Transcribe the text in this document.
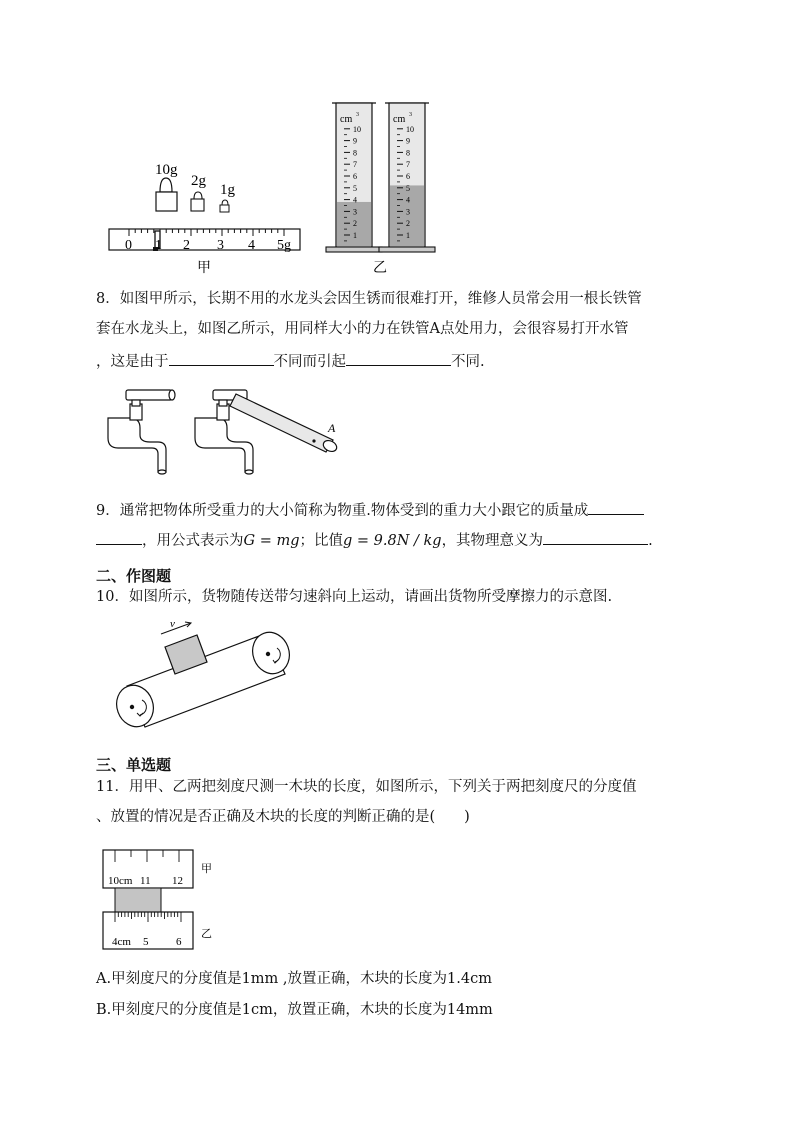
10g
2g
1g
0 1 2 3 4 5g
甲
cm 3
10
9
8
7
6
5
4
3
2
1
cm 3
10
9
8
7
6
5
4
3
2
1
乙
8．如图甲所示，长期不用的水龙头会因生锈而很难打开，维修人员常会用一根长铁管
套在水龙头上，如图乙所示，用同样大小的力在铁管A点处用力，会很容易打开水管
，这是由于	不同而引起	不同.
A
9．通常把物体所受重力的大小简称为物重.物体受到的重力大小跟它的质量成
，用公式表示为G = mg；比值g = 9.8N / kg，其物理意义为	.
二、作图题
10．如图所示，货物随传送带匀速斜向上运动，请画出货物所受摩擦力的示意图.
v
三、单选题
11．用甲、乙两把刻度尺测一木块的长度，如图所示，下列关于两把刻度尺的分度值
、放置的情况是否正确及木块的长度的判断正确的是(　　)
10cm 11 12
甲
4cm 5	6
乙
A.甲刻度尺的分度值是1mm ,放置正确，木块的长度为1.4cm
B.甲刻度尺的分度值是1cm，放置正确，木块的长度为14mm
